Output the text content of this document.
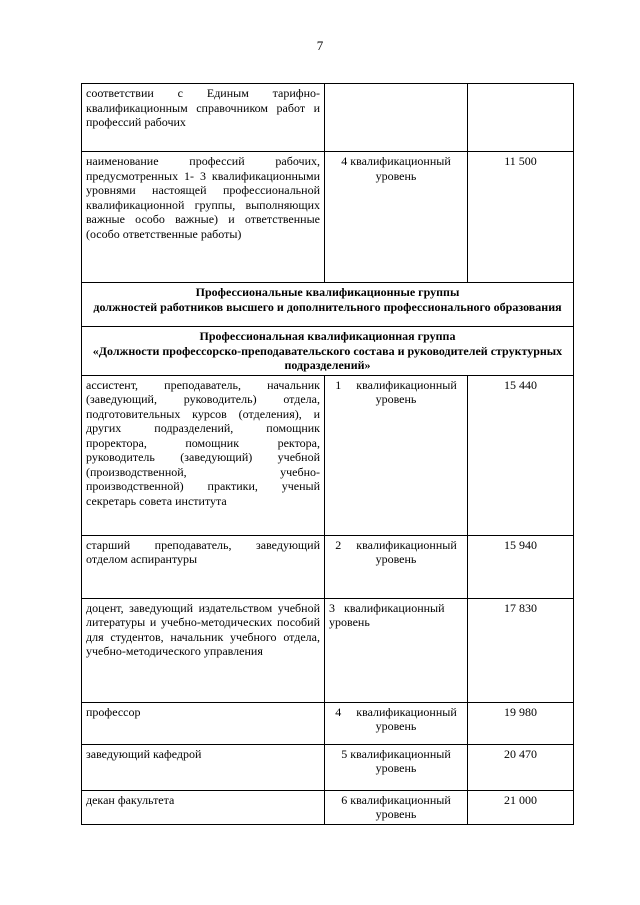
7
соответствии с Единым тарифно-квалификационным справочником работ и профессий рабочих		
наименование профессий рабочих, предусмотренных 1- 3 квалификационными уровнями настоящей профессиональной квалификационной группы, выполняющих важные особо важные) и ответственные (особо ответственные работы)	4 квалификационный уровень	11 500

Профессиональные квалификационные группы
должностей работников высшего и дополнительного профессионального образования		

Профессиональная квалификационная группа
«Должности профессорско-преподавательского состава и руководителей структурных подразделений»		

ассистент, преподаватель, начальник (заведующий, руководитель) отдела, подготовительных курсов (отделения), и других подразделений, помощник проректора, помощник ректора, руководитель (заведующий) учебной (производственной, учебно-производственной) практики, ученый секретарь совета института	1 квалификационный уровень	15 440
старший преподаватель, заведующий отделом аспирантуры	2 квалификационный уровень	15 940
доцент, заведующий издательством учебной литературы и учебно-методических пособий для студентов, начальник учебного отдела, учебно-методического управления	3 квалификационный уровень	17 830
профессор	4 квалификационный уровень	19 980
заведующий кафедрой	5 квалификационный уровень	20 470
декан факультета	6 квалификационный уровень	21 000
